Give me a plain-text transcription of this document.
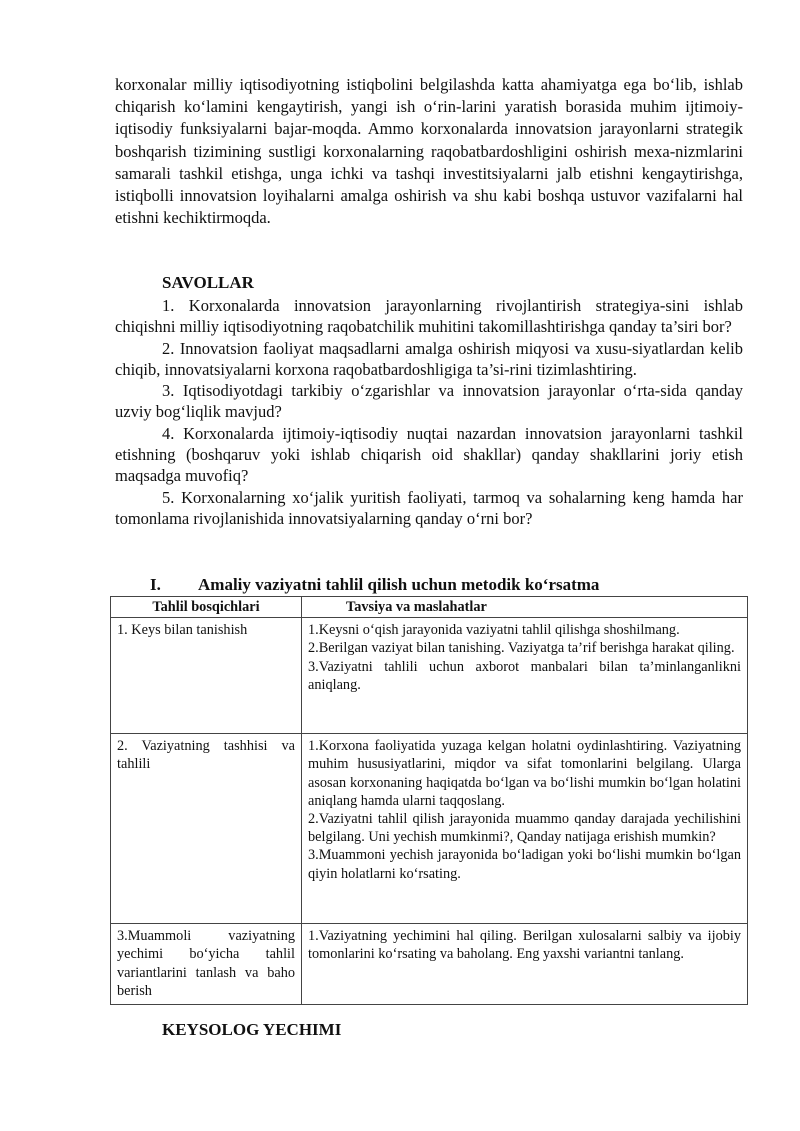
korxonalar milliy iqtisodiyotning istiqbolini belgilashda katta ahamiyatga ega bo‘lib, ishlab chiqarish ko‘lamini kengaytirish, yangi ish o‘rin-larini yaratish borasida muhim ijtimoiy-iqtisodiy funksiyalarni bajar-moqda. Ammo korxonalarda innovatsion jarayonlarni strategik boshqarish tizimining sustligi korxonalarning raqobatbardoshligini oshirish mexa-nizmlarini samarali tashkil etishga, unga ichki va tashqi investitsiyalarni jalb etishni kengaytirishga, istiqbolli innovatsion loyihalarni amalga oshirish va shu kabi boshqa ustuvor vazifalarni hal etishni kechiktirmoqda.

SAVOLLAR

1. Korxonalarda innovatsion jarayonlarning rivojlantirish strategiya-sini ishlab chiqishni milliy iqtisodiyotning raqobatchilik muhitini takomillashtirishga qanday ta’siri bor?

2. Innovatsion faoliyat maqsadlarni amalga oshirish miqyosi va xusu-siyatlardan kelib chiqib, innovatsiyalarni korxona raqobatbardoshligiga ta’si-rini tizimlashtiring.

3. Iqtisodiyotdagi tarkibiy o‘zgarishlar va innovatsion jarayonlar o‘rta-sida qanday uzviy bog‘liqlik mavjud?

4. Korxonalarda ijtimoiy-iqtisodiy nuqtai nazardan innovatsion jarayonlarni tashkil etishning (boshqaruv yoki ishlab chiqarish oid shakllar) qanday shakllarini joriy etish maqsadga muvofiq?

5. Korxonalarning xo‘jalik yuritish faoliyati, tarmoq va sohalarning keng hamda har tomonlama rivojlanishida innovatsiyalarning qanday o‘rni bor?

I. Amaliy vaziyatni tahlil qilish uchun metodik ko‘rsatma

Tahlil bosqichlari	Tavsiya va maslahatlar
1. Keys bilan tanishish	1.Keysni o‘qish jarayonida vaziyatni tahlil qilishga shoshilmang.

2.Berilgan vaziyat bilan tanishing. Vaziyatga ta’rif berishga harakat qiling.

3.Vaziyatni tahlili uchun axborot manbalari bilan ta’minlanganlikni aniqlang.

2. Vaziyatning tashhisi va tahlili	1.Korxona faoliyatida yuzaga kelgan holatni oydinlashtiring. Vaziyatning muhim hususiyatlarini, miqdor va sifat tomonlarini belgilang. Ularga asosan korxonaning haqiqatda bo‘lgan va bo‘lishi mumkin bo‘lgan holatini aniqlang hamda ularni taqqoslang.

2.Vaziyatni tahlil qilish jarayonida muammo qanday darajada yechilishini belgilang. Uni yechish mumkinmi?, Qanday natijaga erishish mumkin?

3.Muammoni yechish jarayonida bo‘ladigan yoki bo‘lishi mumkin bo‘lgan qiyin holatlarni ko‘rsating.

3.Muammoli vaziyatning yechimi bo‘yicha tahlil variantlarini tanlash va baho berish	1.Vaziyatning yechimini hal qiling. Berilgan xulosalarni salbiy va ijobiy tomonlarini ko‘rsating va baholang. Eng yaxshi variantni tanlang.

KEYSOLOG YECHIMI
